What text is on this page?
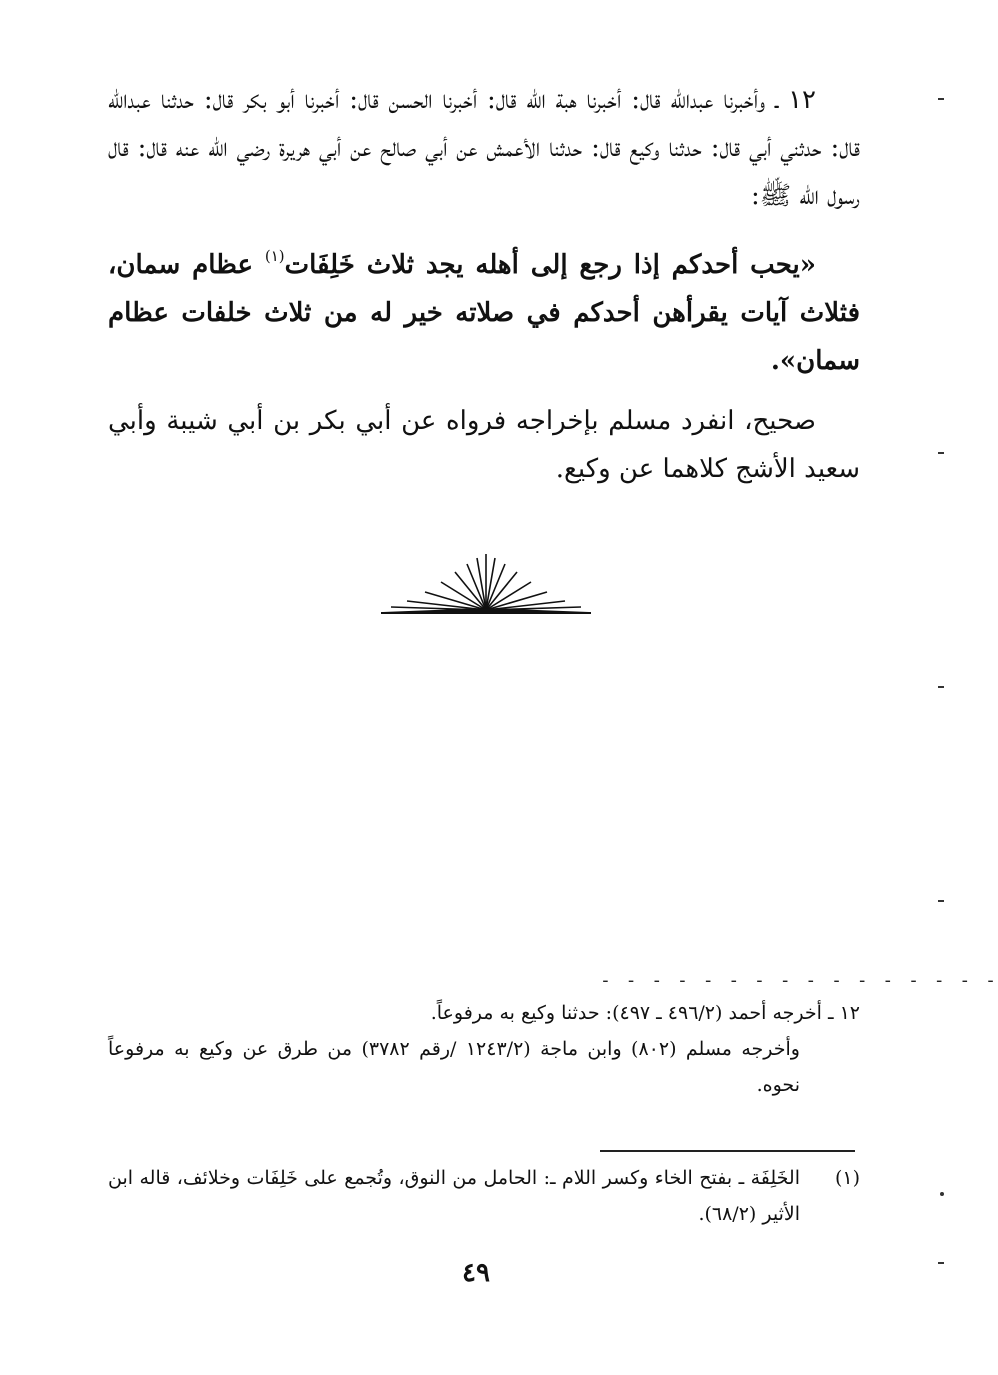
١٢ ـ وأخبرنا عبدالله قال: أخبرنا هبة الله قال: أخبرنا الحسن قال: أخبرنا أبو بكر قال: حدثنا عبدالله قال: حدثني أبي قال: حدثنا وكيع قال: حدثنا الأعمش عن أبي صالح عن أبي هريرة رضي الله عنه قال: قال رسول الله ﷺ:

«يحب أحدكم إذا رجع إلى أهله يجد ثلاث خَلِفَات$^{(١)}$ عظام سمان، فثلاث آيات يقرأهن أحدكم في صلاته خير له من ثلاث خلفات عظام سمان».

صحيح، انفرد مسلم بإخراجه فرواه عن أبي بكر بن أبي شيبة وأبي سعيد الأشج كلاهما عن وكيع.

- - - - - - - - - - - - - - - -

١٢ ـ أخرجه أحمد (٤٩٦/٢ ـ ٤٩٧): حدثنا وكيع به مرفوعاً.

وأخرجه مسلم (٨٠٢) وابن ماجة (١٢٤٣/٢ /رقم ٣٧٨٢) من طرق عن وكيع به مرفوعاً نحوه.

(١)
الخَلِفَة ـ بفتح الخاء وكسر اللام ـ: الحامل من النوق، وتُجمع على خَلِفَات وخلائف، قاله ابن الأثير (٦٨/٢).
٤٩
